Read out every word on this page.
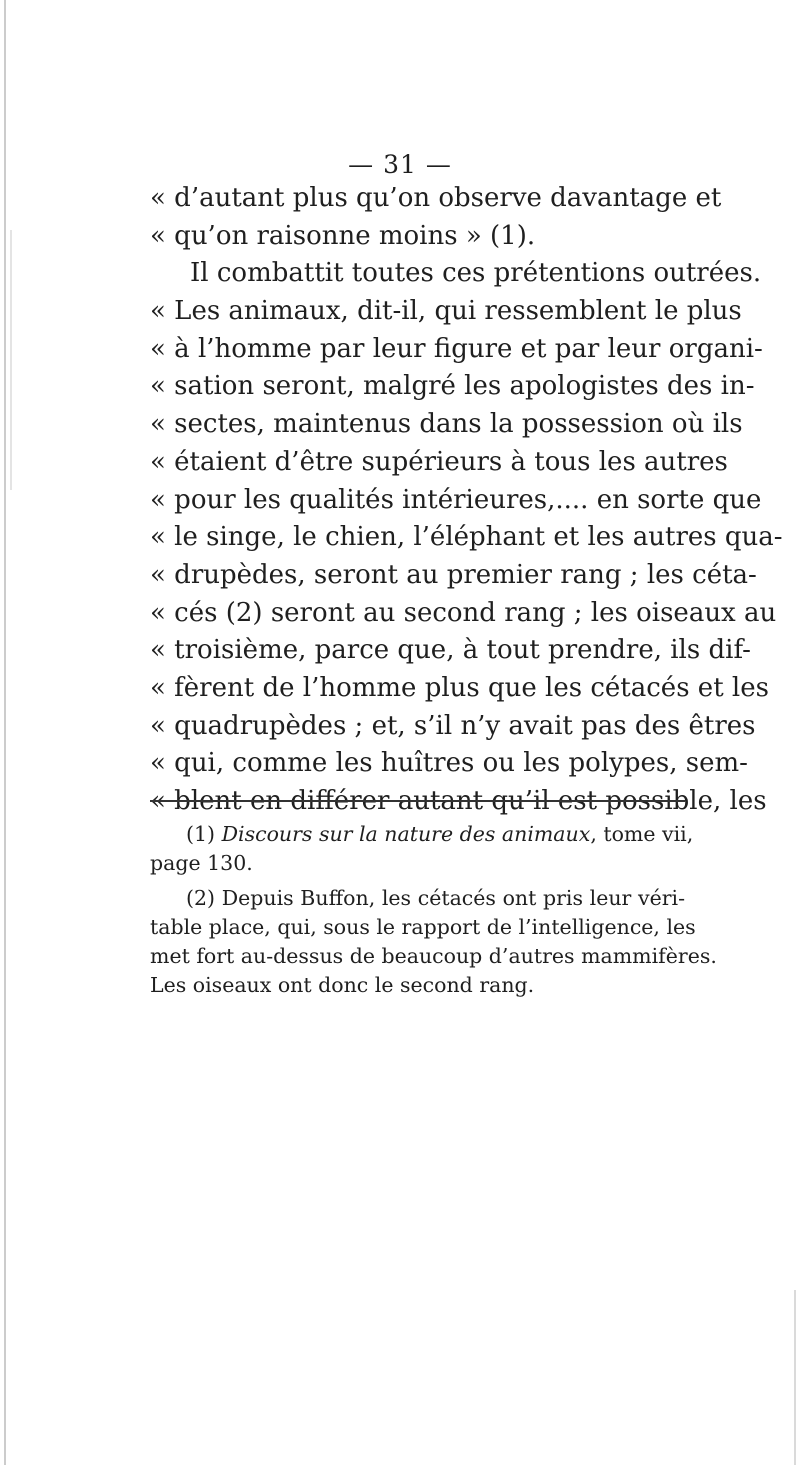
— 31 —
« d’autant plus qu’on observe davantage et
« qu’on raisonne moins » (1).
Il combattit toutes ces prétentions outrées.
« Les animaux, dit-il, qui ressemblent le plus
« à l’homme par leur figure et par leur organi-
« sation seront, malgré les apologistes des in-
« sectes, maintenus dans la possession où ils
« étaient d’être supérieurs à tous les autres
« pour les qualités intérieures,.... en sorte que
« le singe, le chien, l’éléphant et les autres qua-
« drupèdes, seront au premier rang ; les céta-
« cés (2) seront au second rang ; les oiseaux au
« troisième, parce que, à tout prendre, ils dif-
« fèrent de l’homme plus que les cétacés et les
« quadrupèdes ; et, s’il n’y avait pas des êtres
« qui, comme les huîtres ou les polypes, sem-
« blent en différer autant qu’il est possible, les
(1) Discours sur la nature des animaux, tome vii,
page 130.
(2) Depuis Buffon, les cétacés ont pris leur véri-
table place, qui, sous le rapport de l’intelligence, les
met fort au-dessus de beaucoup d’autres mammifères.
Les oiseaux ont donc le second rang.
